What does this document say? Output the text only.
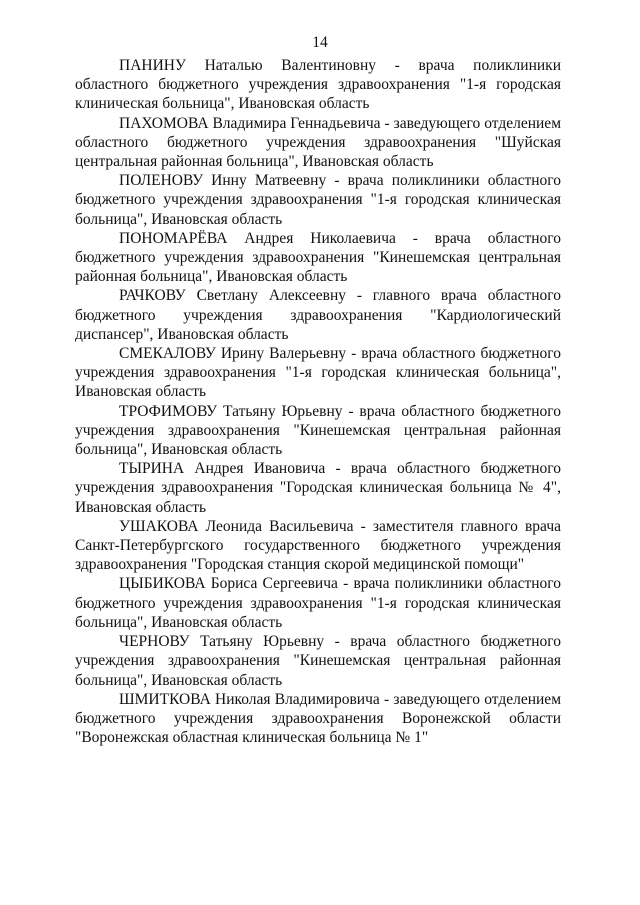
14

ПАНИНУ Наталью Валентиновну - врача поликлиники областного бюджетного учреждения здравоохранения "1-я городская клиническая больница", Ивановская область

ПАХОМОВА Владимира Геннадьевича - заведующего отделением областного бюджетного учреждения здравоохранения "Шуйская центральная районная больница", Ивановская область

ПОЛЕНОВУ Инну Матвеевну - врача поликлиники областного бюджетного учреждения здравоохранения "1-я городская клиническая больница", Ивановская область

ПОНОМАРЁВА Андрея Николаевича - врача областного бюджетного учреждения здравоохранения "Кинешемская центральная районная больница", Ивановская область

РАЧКОВУ Светлану Алексеевну - главного врача областного бюджетного учреждения здравоохранения "Кардиологический диспансер", Ивановская область

СМЕКАЛОВУ Ирину Валерьевну - врача областного бюджетного учреждения здравоохранения "1-я городская клиническая больница", Ивановская область

ТРОФИМОВУ Татьяну Юрьевну - врача областного бюджетного учреждения здравоохранения "Кинешемская центральная районная больница", Ивановская область

ТЫРИНА Андрея Ивановича - врача областного бюджетного учреждения здравоохранения "Городская клиническая больница № 4", Ивановская область

УШАКОВА Леонида Васильевича - заместителя главного врача Санкт-Петербургского государственного бюджетного учреждения здравоохранения "Городская станция скорой медицинской помощи"

ЦЫБИКОВА Бориса Сергеевича - врача поликлиники областного бюджетного учреждения здравоохранения "1-я городская клиническая больница", Ивановская область

ЧЕРНОВУ Татьяну Юрьевну - врача областного бюджетного учреждения здравоохранения "Кинешемская центральная районная больница", Ивановская область

ШМИТКОВА Николая Владимировича - заведующего отделением бюджетного учреждения здравоохранения Воронежской области "Воронежская областная клиническая больница № 1"
